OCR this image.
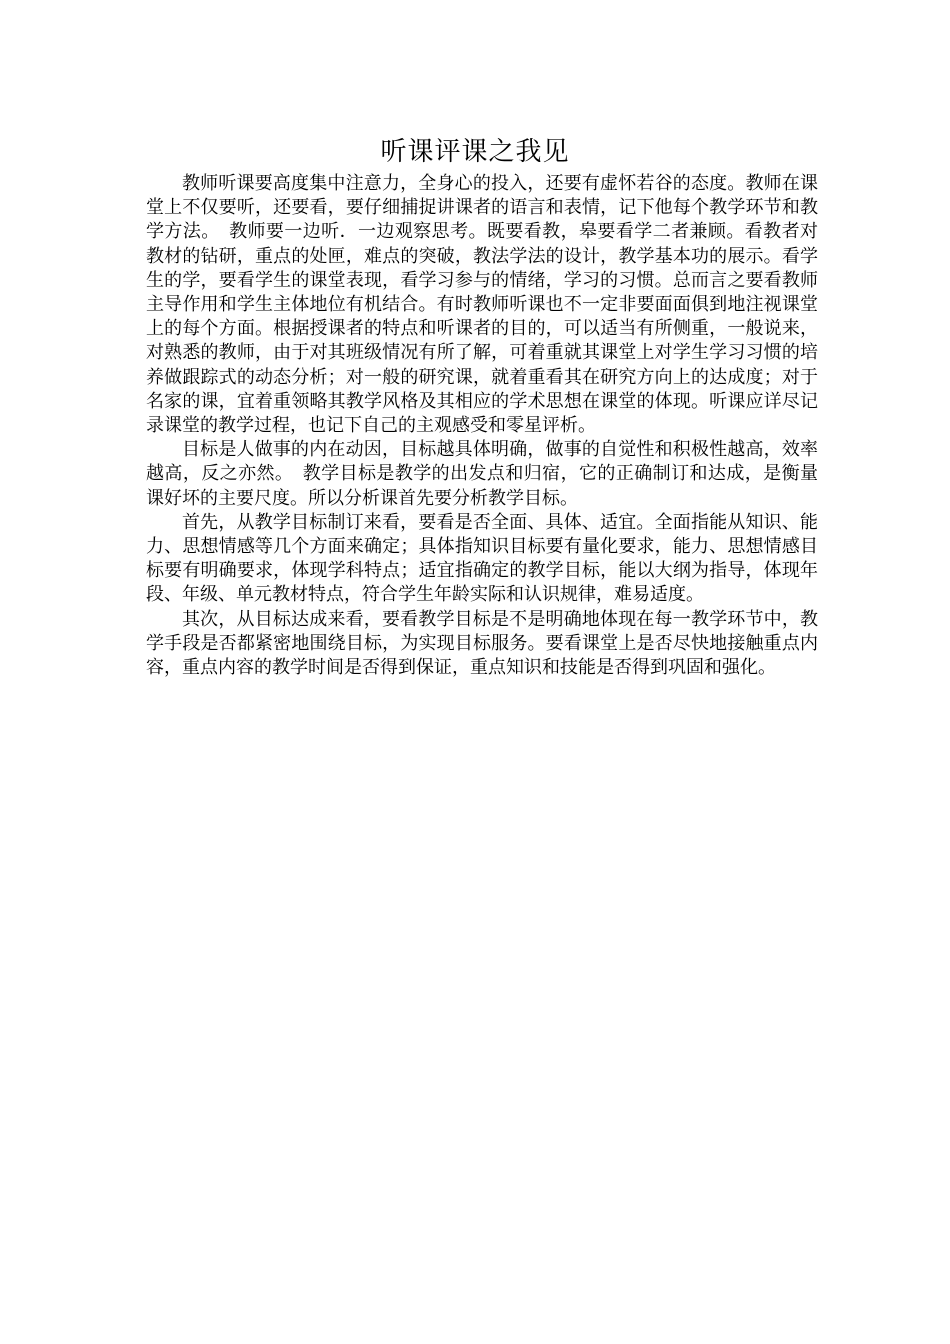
听课评课之我见

教师听课要高度集中注意力，全身心的投入，还要有虚怀若谷的态度。教师在课堂上不仅要听，还要看，要仔细捕捉讲课者的语言和表情，记下他每个教学环节和教学方法。　教师要一边听．一边观察思考。既要看教，皋要看学二者兼顾。看教者对教材的钻研，重点的处匣，难点的突破，教法学法的设计，教学基本功的展示。看学生的学，要看学生的课堂表现，看学习参与的情绪，学习的习惯。总而言之要看教师主导作用和学生主体地位有机结合。有时教师听课也不一定非要面面俱到地注视课堂上的每个方面。根据授课者的特点和听课者的目的，可以适当有所侧重，一般说来，对熟悉的教师，由于对其班级情况有所了解，可着重就其课堂上对学生学习习惯的培养做跟踪式的动态分析；对一般的研究课，就着重看其在研究方向上的达成度；对于名家的课，宜着重领略其教学风格及其相应的学术思想在课堂的体现。听课应详尽记录课堂的教学过程，也记下自己的主观感受和零星评析。

目标是人做事的内在动因，目标越具体明确，做事的自觉性和积极性越高，效率越高，反之亦然。　教学目标是教学的出发点和归宿，它的正确制订和达成，是衡量课好坏的主要尺度。所以分析课首先要分析教学目标。

首先，从教学目标制订来看，要看是否全面、具体、适宜。全面指能从知识、能力、思想情感等几个方面来确定；具体指知识目标要有量化要求，能力、思想情感目标要有明确要求，体现学科特点；适宜指确定的教学目标，能以大纲为指导，体现年段、年级、单元教材特点，符合学生年龄实际和认识规律，难易适度。

其次，从目标达成来看，要看教学目标是不是明确地体现在每一教学环节中，教学手段是否都紧密地围绕目标，为实现目标服务。要看课堂上是否尽快地接触重点内容，重点内容的教学时间是否得到保证，重点知识和技能是否得到巩固和强化。
